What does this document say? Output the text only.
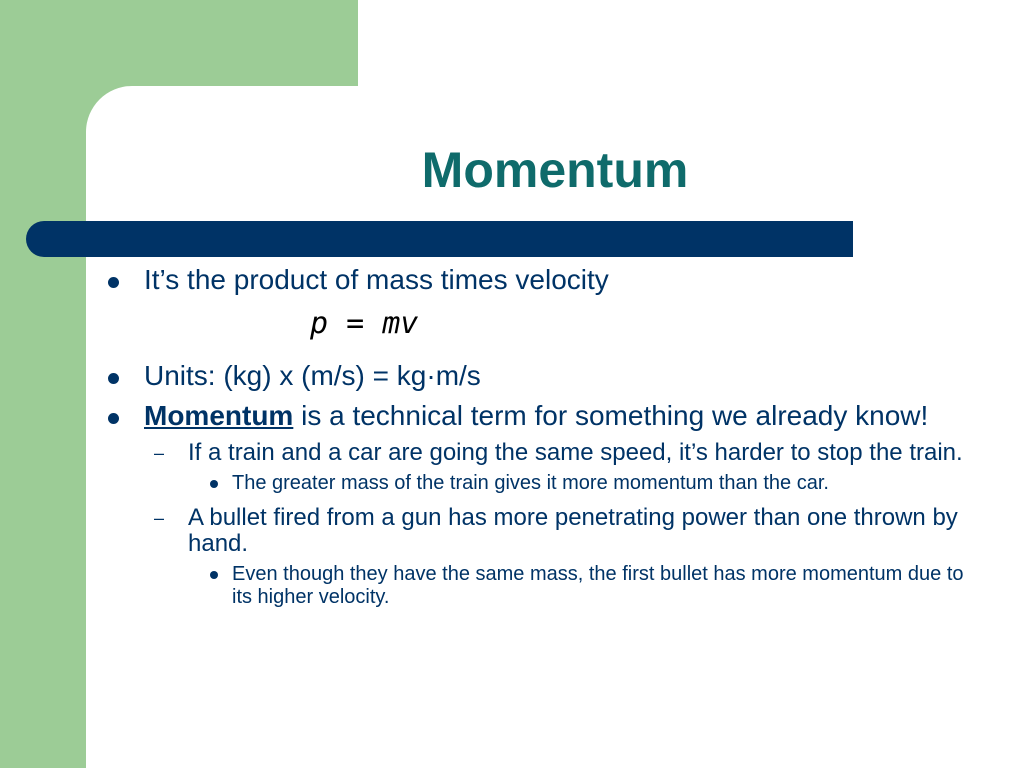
Momentum
It’s the product of mass times velocity
p = mv
Units: (kg) x (m/s) = kg·m/s
Momentum is a technical term for something we already know!
– If a train and a car are going the same speed, it’s harder to stop the train.
The greater mass of the train gives it more momentum than the car.
– A bullet fired from a gun has more penetrating power than one thrown by hand.
Even though they have the same mass, the first bullet has more momentum due to its higher velocity.
